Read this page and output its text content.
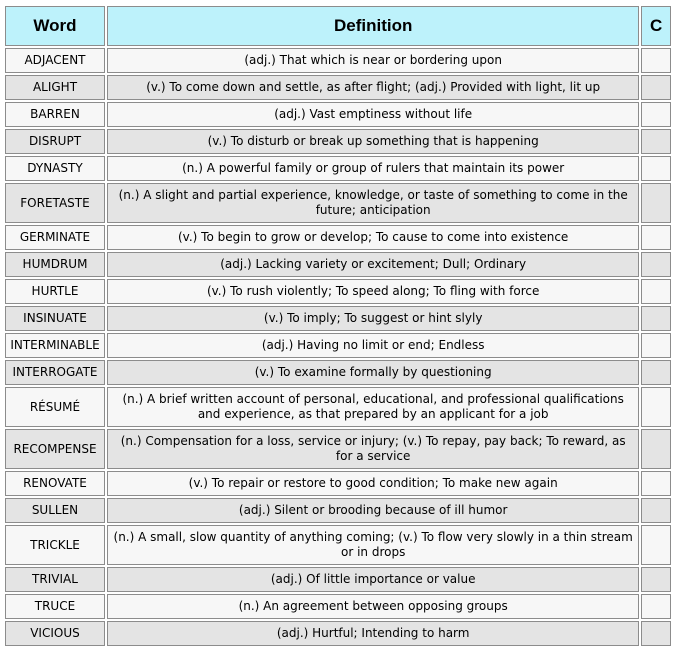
Word	Definition	C
ADJACENT	(adj.) That which is near or bordering upon	
ALIGHT	(v.) To come down and settle, as after flight; (adj.) Provided with light, lit up	
BARREN	(adj.) Vast emptiness without life	
DISRUPT	(v.) To disturb or break up something that is happening	
DYNASTY	(n.) A powerful family or group of rulers that maintain its power	
FORETASTE	(n.) A slight and partial experience, knowledge, or taste of something to come in the future; anticipation	
GERMINATE	(v.) To begin to grow or develop; To cause to come into existence	
HUMDRUM	(adj.) Lacking variety or excitement; Dull; Ordinary	
HURTLE	(v.) To rush violently; To speed along; To fling with force	
INSINUATE	(v.) To imply; To suggest or hint slyly	
INTERMINABLE	(adj.) Having no limit or end; Endless	
INTERROGATE	(v.) To examine formally by questioning	
RÉSUMÉ	(n.) A brief written account of personal, educational, and professional qualifications and experience, as that prepared by an applicant for a job	
RECOMPENSE	(n.) Compensation for a loss, service or injury; (v.) To repay, pay back; To reward, as for a service	
RENOVATE	(v.) To repair or restore to good condition; To make new again	
SULLEN	(adj.) Silent or brooding because of ill humor	
TRICKLE	(n.) A small, slow quantity of anything coming; (v.) To flow very slowly in a thin stream or in drops	
TRIVIAL	(adj.) Of little importance or value	
TRUCE	(n.) An agreement between opposing groups	
VICIOUS	(adj.) Hurtful; Intending to harm	
